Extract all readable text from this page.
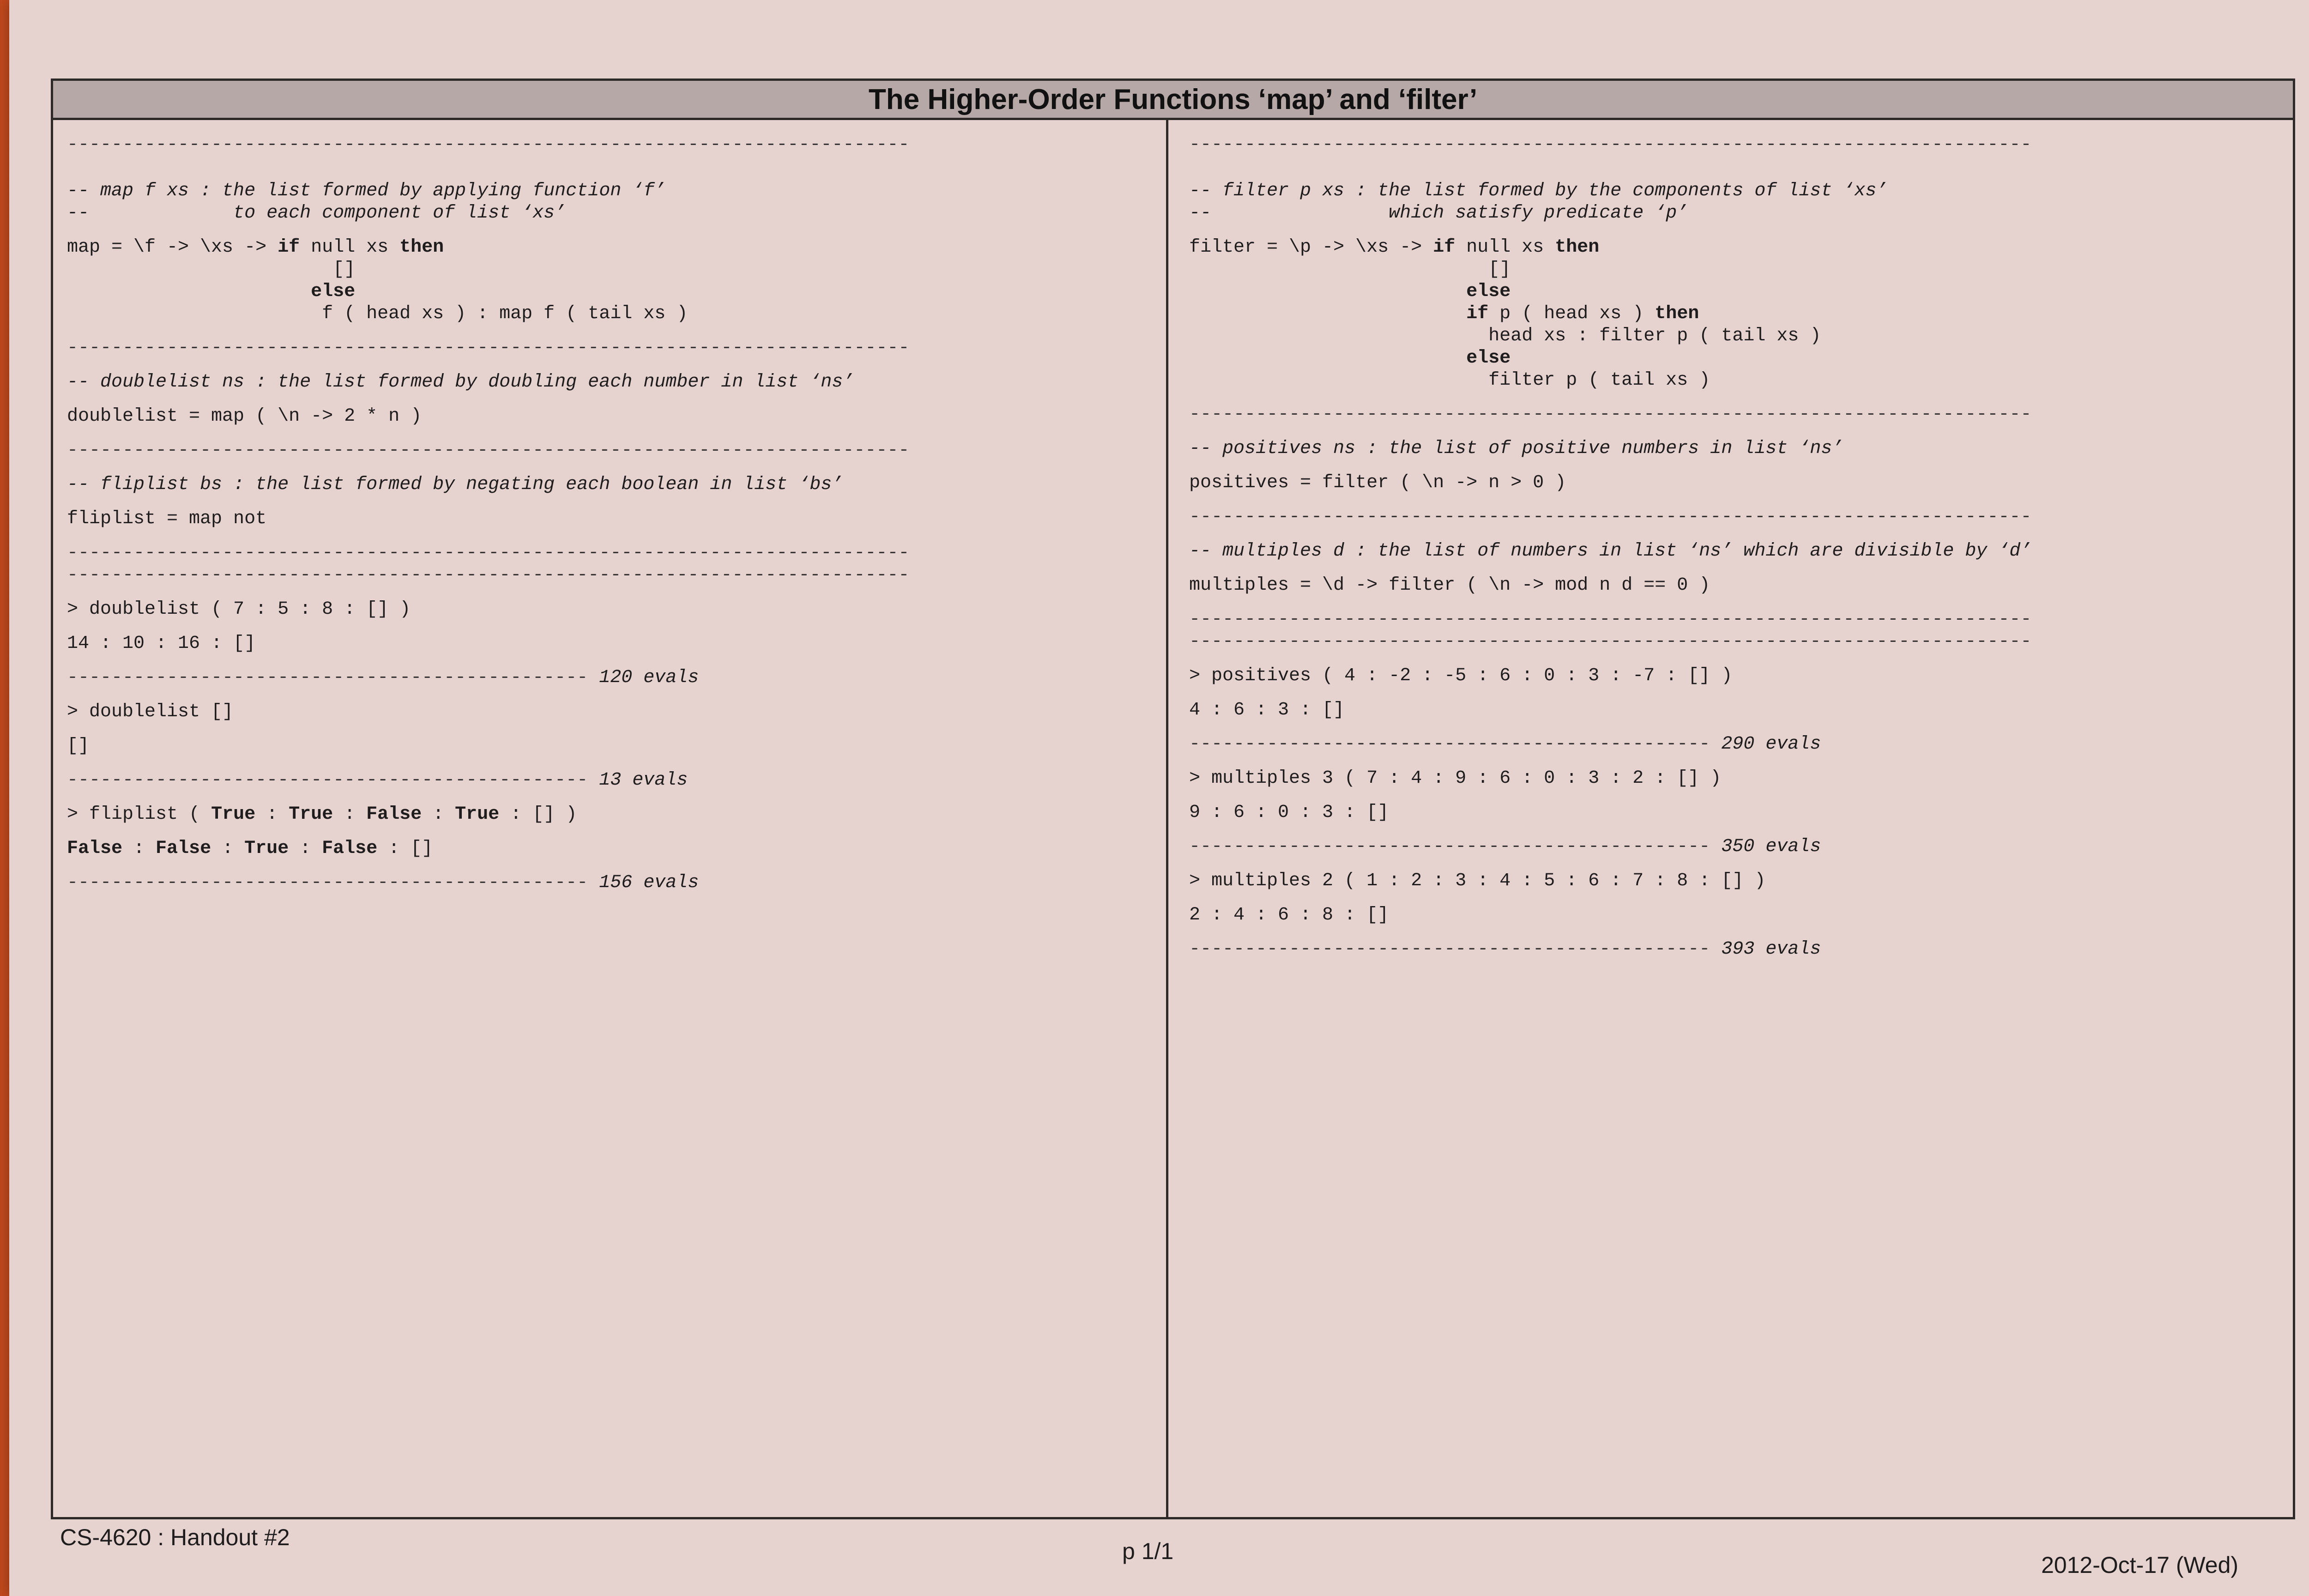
The Higher-Order Functions ‘map’ and ‘filter’

----------------------------------------------------------------------------

-- map f xs : the list formed by applying function ‘f’

--             to each component of list ‘xs’

map = \f -> \xs -> if null xs then

[]

else

f ( head xs ) : map f ( tail xs )

----------------------------------------------------------------------------

-- doublelist ns : the list formed by doubling each number in list ‘ns’

doublelist = map ( \n -> 2 * n )

----------------------------------------------------------------------------

-- fliplist bs : the list formed by negating each boolean in list ‘bs’

fliplist = map not

----------------------------------------------------------------------------

----------------------------------------------------------------------------

> doublelist ( 7 : 5 : 8 : [] )

14 : 10 : 16 : []

----------------------------------------------- 120 evals

> doublelist []

[]

----------------------------------------------- 13 evals

> fliplist ( True : True : False : True : [] )

False : False : True : False : []

----------------------------------------------- 156 evals

----------------------------------------------------------------------------

-- filter p xs : the list formed by the components of list ‘xs’

--                which satisfy predicate ‘p’

filter = \p -> \xs -> if null xs then

[]

else

if p ( head xs ) then

head xs : filter p ( tail xs )

else

filter p ( tail xs )

----------------------------------------------------------------------------

-- positives ns : the list of positive numbers in list ‘ns’

positives = filter ( \n -> n > 0 )

----------------------------------------------------------------------------

-- multiples d : the list of numbers in list ‘ns’ which are divisible by ‘d’

multiples = \d -> filter ( \n -> mod n d == 0 )

----------------------------------------------------------------------------

----------------------------------------------------------------------------

> positives ( 4 : -2 : -5 : 6 : 0 : 3 : -7 : [] )

4 : 6 : 3 : []

----------------------------------------------- 290 evals

> multiples 3 ( 7 : 4 : 9 : 6 : 0 : 3 : 2 : [] )

9 : 6 : 0 : 3 : []

----------------------------------------------- 350 evals

> multiples 2 ( 1 : 2 : 3 : 4 : 5 : 6 : 7 : 8 : [] )

2 : 4 : 6 : 8 : []

----------------------------------------------- 393 evals

CS-4620 : Handout #2
p 1/1
2012-Oct-17 (Wed)
